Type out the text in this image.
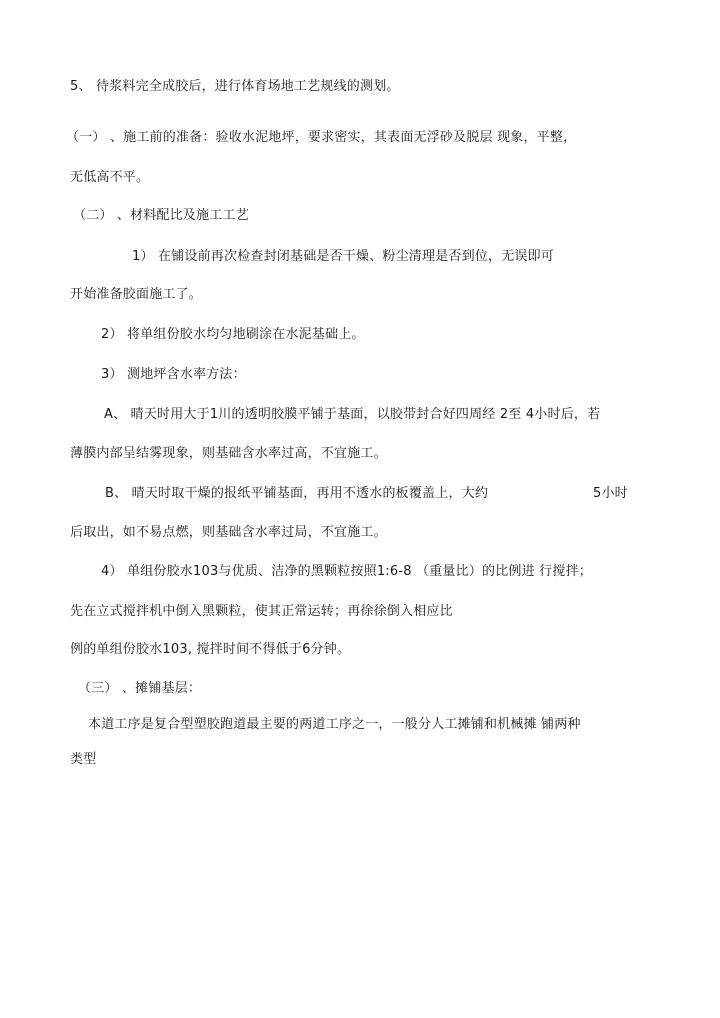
5、 待浆料完全成胶后，进行体育场地工艺规线的测划。
（一） 、施工前的准备：验收水泥地坪，要求密实，其表面无浮砂及脱层 现象，平整，
无低高不平。
（二） 、材料配比及施工工艺
1） 在铺设前再次检查封闭基础是否干燥、粉尘清理是否到位，无误即可
开始准备胶面施工了。
2） 将单组份胶水均匀地刷涂在水泥基础上。
3） 测地坪含水率方法：
A、 晴天时用大于1川的透明胶膜平铺于基面，以胶带封合好四周经 2至 4小时后，若
薄膜内部呈结雾现象，则基础含水率过高，不宜施工。
B、 晴天时取干燥的报纸平铺基面，再用不透水的板覆盖上，大约	5小时
后取出，如不易点燃，则基础含水率过局，不宜施工。
4） 单组份胶水103与优质、洁净的黑颗粒按照1:6-8 （重量比）的比例进 行搅拌；
先在立式搅拌机中倒入黑颗粒，使其正常运转；再徐徐倒入相应比
例的单组份胶水103, 搅拌时间不得低于6分钟。
（三） 、摊铺基层：
本道工序是复合型塑胶跑道最主要的两道工序之一，一般分人工摊铺和机械摊 铺两种
类型
